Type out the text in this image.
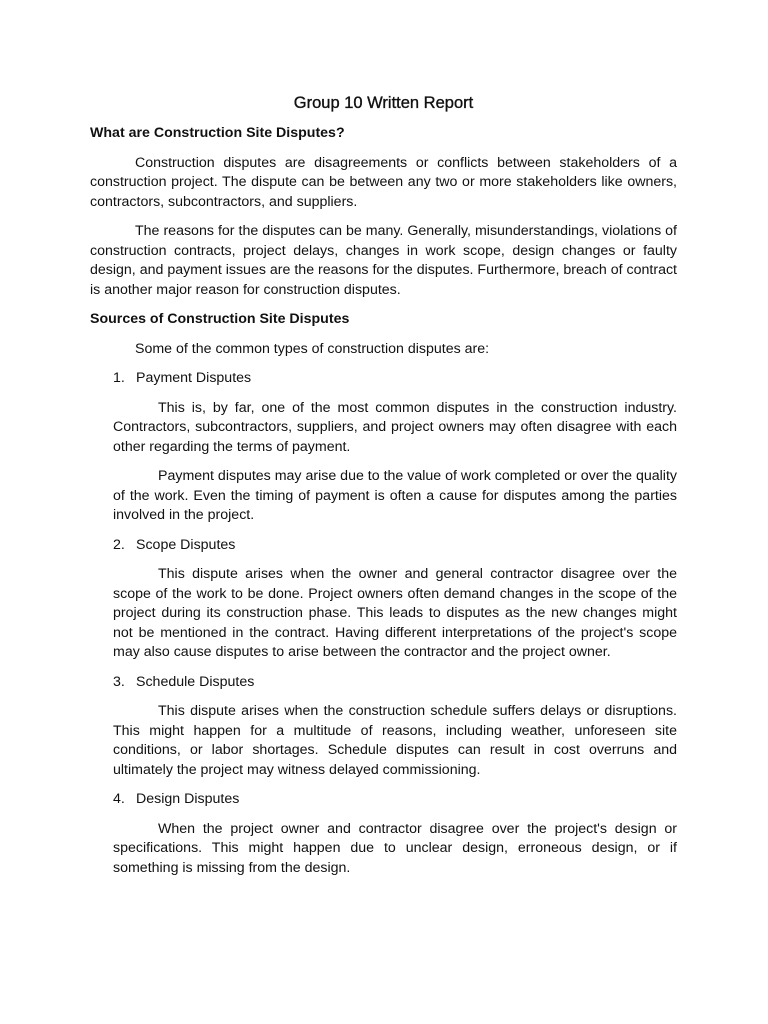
Group 10 Written Report
What are Construction Site Disputes?

Construction disputes are disagreements or conflicts between stakeholders of a construction project. The dispute can be between any two or more stakeholders like owners, contractors, subcontractors, and suppliers.

The reasons for the disputes can be many. Generally, misunderstandings, violations of construction contracts, project delays, changes in work scope, design changes or faulty design, and payment issues are the reasons for the disputes. Furthermore, breach of contract is another major reason for construction disputes.

Sources of Construction Site Disputes

Some of the common types of construction disputes are:

1. Payment Disputes

This is, by far, one of the most common disputes in the construction industry. Contractors, subcontractors, suppliers, and project owners may often disagree with each other regarding the terms of payment.

Payment disputes may arise due to the value of work completed or over the quality of the work. Even the timing of payment is often a cause for disputes among the parties involved in the project.

2. Scope Disputes

This dispute arises when the owner and general contractor disagree over the scope of the work to be done. Project owners often demand changes in the scope of the project during its construction phase. This leads to disputes as the new changes might not be mentioned in the contract. Having different interpretations of the project's scope may also cause disputes to arise between the contractor and the project owner.

3. Schedule Disputes

This dispute arises when the construction schedule suffers delays or disruptions. This might happen for a multitude of reasons, including weather, unforeseen site conditions, or labor shortages. Schedule disputes can result in cost overruns and ultimately the project may witness delayed commissioning.

4. Design Disputes

When the project owner and contractor disagree over the project's design or specifications. This might happen due to unclear design, erroneous design, or if something is missing from the design.
